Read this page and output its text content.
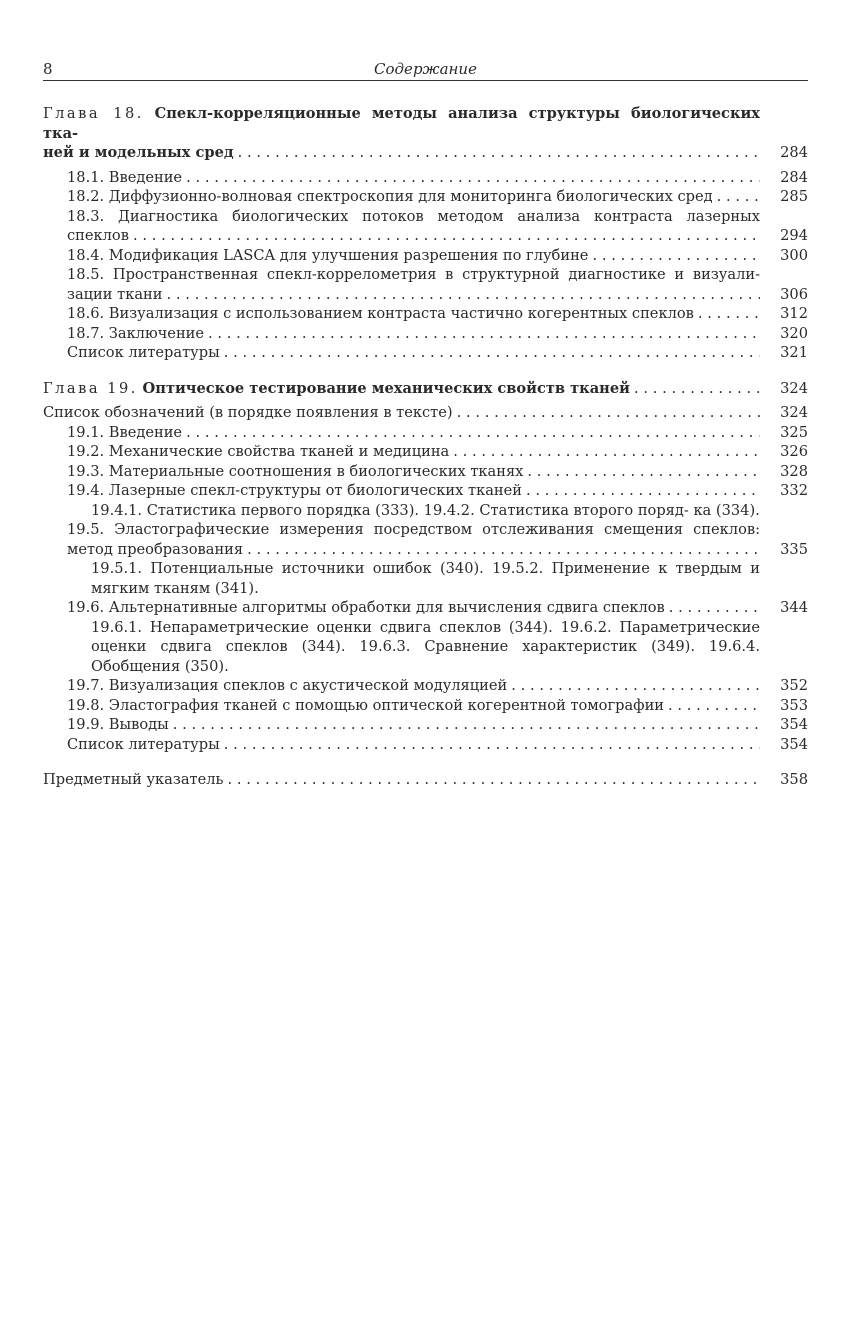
8	Содержание
Глава 18. Спекл-корреляционные методы анализа структуры биологических тка-
ней и модельных сред . . .	284
18.1. Введение . . .	284
18.2. Диффузионно-волновая спектроскопия для мониторинга биологических сред . . .	285
18.3. Диагностика биологических потоков методом анализа контраста лазерных
спеклов . . .	294
18.4. Модификация LASCA для улучшения разрешения по глубине . . .	300
18.5. Пространственная спекл-коррелометрия в структурной диагностике и визуали-
зации ткани . . .	306
18.6. Визуализация с использованием контраста частично когерентных спеклов . . .	312
18.7. Заключение . . .	320
Список литературы . . .	321
Глава 19. Оптическое тестирование механических свойств тканей . . .	324
Список обозначений (в порядке появления в тексте) . . .	324
19.1. Введение . . .	325
19.2. Механические свойства тканей и медицина . . .	326
19.3. Материальные соотношения в биологических тканях . . .	328
19.4. Лазерные спекл-структуры от биологических тканей . . .	332
19.4.1. Статистика первого порядка (333). 19.4.2. Статистика второго поряд- ка (334).
19.5. Эластографические измерения посредством отслеживания смещения спеклов:
метод преобразования . . .	335
19.5.1. Потенциальные источники ошибок (340). 19.5.2. Применение к твердым и мягким тканям (341).
19.6. Альтернативные алгоритмы обработки для вычисления сдвига спеклов . . .	344
19.6.1. Непараметрические оценки сдвига спеклов (344). 19.6.2. Параметрические оценки сдвига спеклов (344). 19.6.3. Сравнение характеристик (349). 19.6.4. Обобщения (350).
19.7. Визуализация спеклов с акустической модуляцией . . .	352
19.8. Эластография тканей с помощью оптической когерентной томографии . . .	353
19.9. Выводы . . .	354
Список литературы . . .	354
Предметный указатель . . .	358
